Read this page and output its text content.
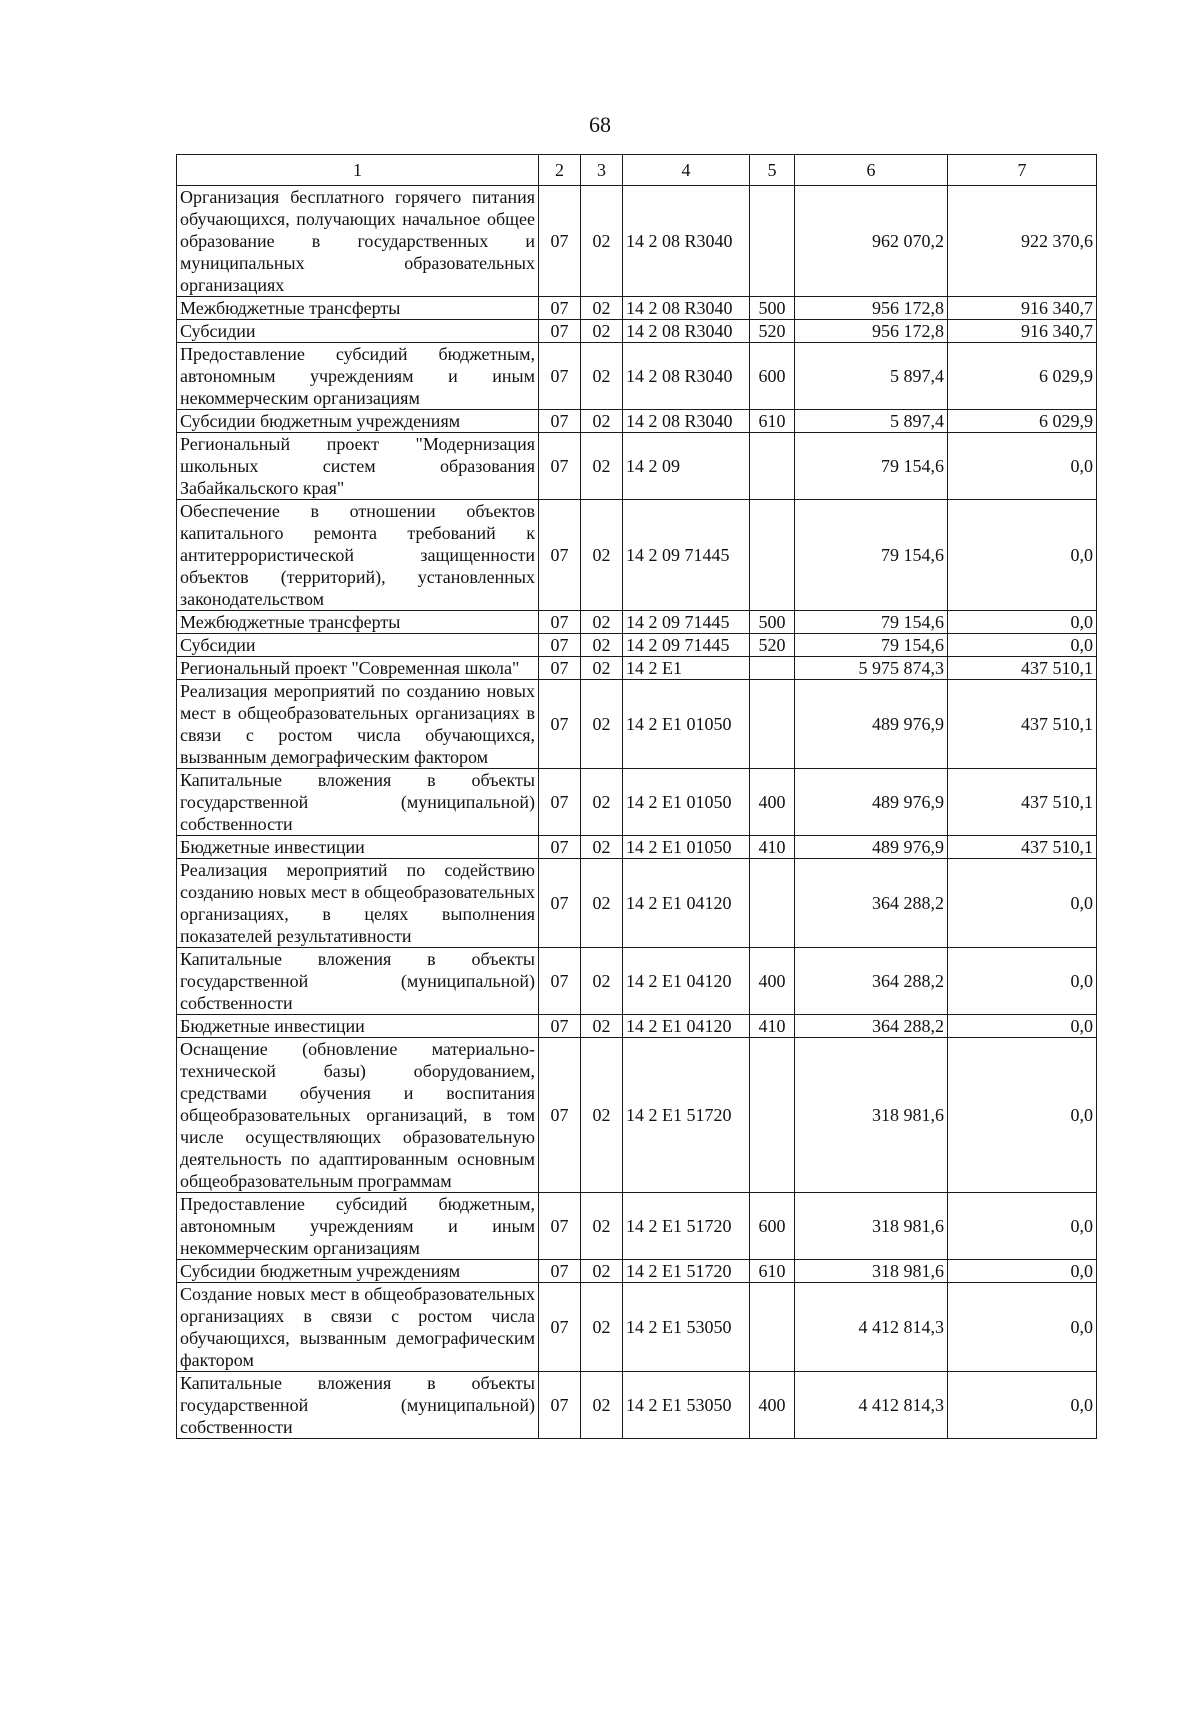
68
1	2	3	4	5	6	7
Организация бесплатного горячего питания обучающихся, получающих начальное общее образование в государственных и муниципальных образовательных организациях	07	02	14 2 08 R3040		962 070,2	922 370,6
Межбюджетные трансферты	07	02	14 2 08 R3040	500	956 172,8	916 340,7
Субсидии	07	02	14 2 08 R3040	520	956 172,8	916 340,7
Предоставление субсидий бюджетным, автономным учреждениям и иным некоммерческим организациям	07	02	14 2 08 R3040	600	5 897,4	6 029,9
Субсидии бюджетным учреждениям	07	02	14 2 08 R3040	610	5 897,4	6 029,9
Региональный проект "Модернизация школьных систем образования Забайкальского края"	07	02	14 2 09		79 154,6	0,0
Обеспечение в отношении объектов капитального ремонта требований к антитеррористической защищенности объектов (территорий), установленных законодательством	07	02	14 2 09 71445		79 154,6	0,0
Межбюджетные трансферты	07	02	14 2 09 71445	500	79 154,6	0,0
Субсидии	07	02	14 2 09 71445	520	79 154,6	0,0
Региональный проект "Современная школа"	07	02	14 2 E1		5 975 874,3	437 510,1
Реализация мероприятий по созданию новых мест в общеобразовательных организациях в связи с ростом числа обучающихся, вызванным демографическим фактором	07	02	14 2 E1 01050		489 976,9	437 510,1
Капитальные вложения в объекты государственной (муниципальной) собственности	07	02	14 2 E1 01050	400	489 976,9	437 510,1
Бюджетные инвестиции	07	02	14 2 E1 01050	410	489 976,9	437 510,1
Реализация мероприятий по содействию созданию новых мест в общеобразовательных организациях, в целях выполнения показателей результативности	07	02	14 2 E1 04120		364 288,2	0,0
Капитальные вложения в объекты государственной (муниципальной) собственности	07	02	14 2 E1 04120	400	364 288,2	0,0
Бюджетные инвестиции	07	02	14 2 E1 04120	410	364 288,2	0,0
Оснащение (обновление материально-технической базы) оборудованием, средствами обучения и воспитания общеобразовательных организаций, в том числе осуществляющих образовательную деятельность по адаптированным основным общеобразовательным программам	07	02	14 2 E1 51720		318 981,6	0,0
Предоставление субсидий бюджетным, автономным учреждениям и иным некоммерческим организациям	07	02	14 2 E1 51720	600	318 981,6	0,0
Субсидии бюджетным учреждениям	07	02	14 2 E1 51720	610	318 981,6	0,0
Создание новых мест в общеобразовательных организациях в связи с ростом числа обучающихся, вызванным демографическим фактором	07	02	14 2 E1 53050		4 412 814,3	0,0
Капитальные вложения в объекты государственной (муниципальной) собственности	07	02	14 2 E1 53050	400	4 412 814,3	0,0
